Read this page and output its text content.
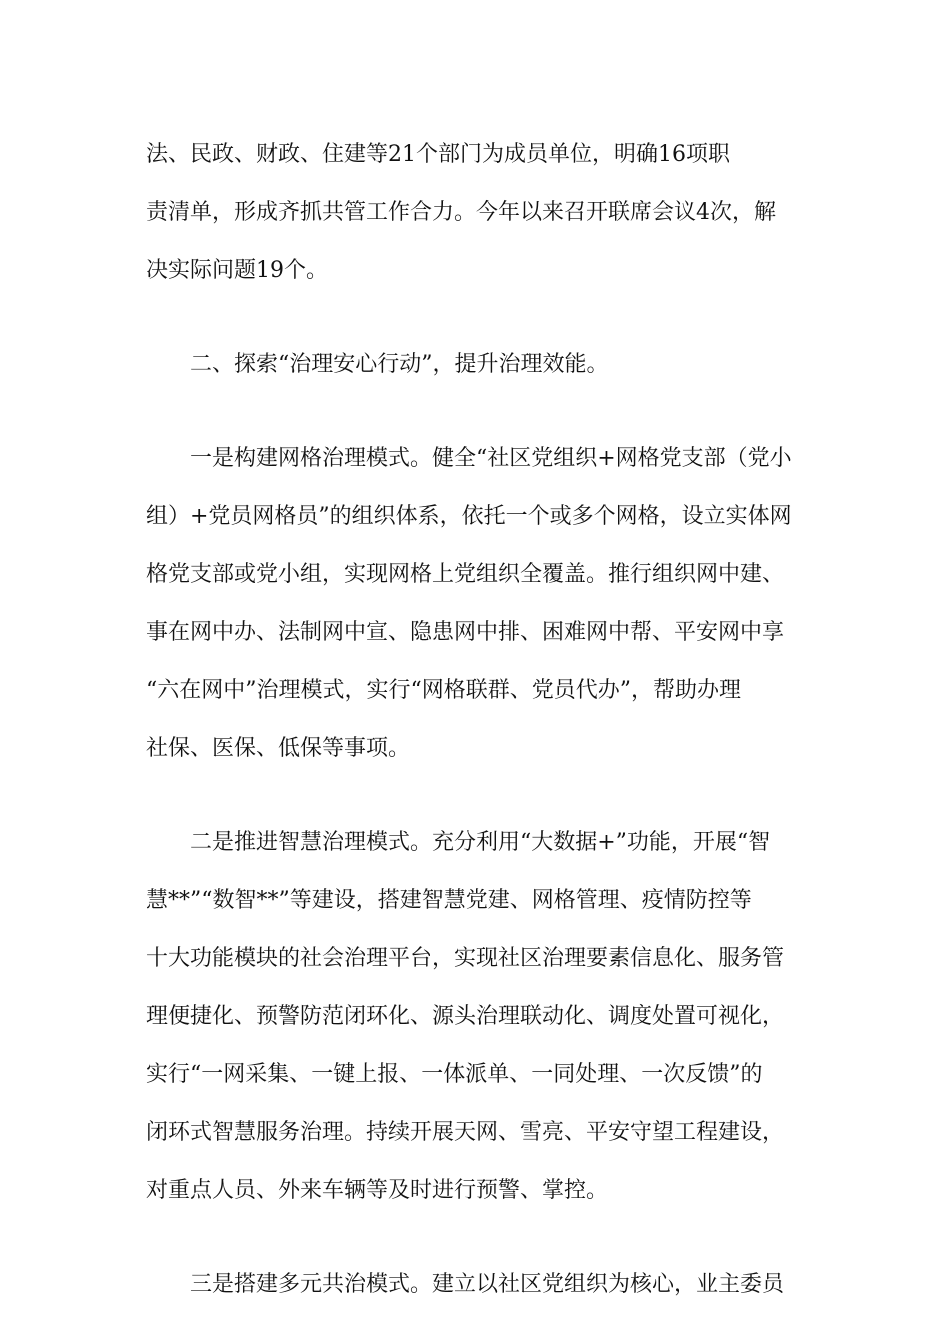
法、民政、财政、住建等21个部门为成员单位，明确16项职
责清单，形成齐抓共管工作合力。今年以来召开联席会议4次，解
决实际问题19个。

二、探索“治理安心行动”，提升治理效能。

一是构建网格治理模式。健全“社区党组织+网格党支部（党小
组）+党员网格员”的组织体系，依托一个或多个网格，设立实体网
格党支部或党小组，实现网格上党组织全覆盖。推行组织网中建、
事在网中办、法制网中宣、隐患网中排、困难网中帮、平安网中享
“六在网中”治理模式，实行“网格联群、党员代办”，帮助办理
社保、医保、低保等事项。

二是推进智慧治理模式。充分利用“大数据+”功能，开展“智
慧**”“数智**”等建设，搭建智慧党建、网格管理、疫情防控等
十大功能模块的社会治理平台，实现社区治理要素信息化、服务管
理便捷化、预警防范闭环化、源头治理联动化、调度处置可视化，
实行“一网采集、一键上报、一体派单、一同处理、一次反馈”的
闭环式智慧服务治理。持续开展天网、雪亮、平安守望工程建设，
对重点人员、外来车辆等及时进行预警、掌控。

三是搭建多元共治模式。建立以社区党组织为核心，业主委员
